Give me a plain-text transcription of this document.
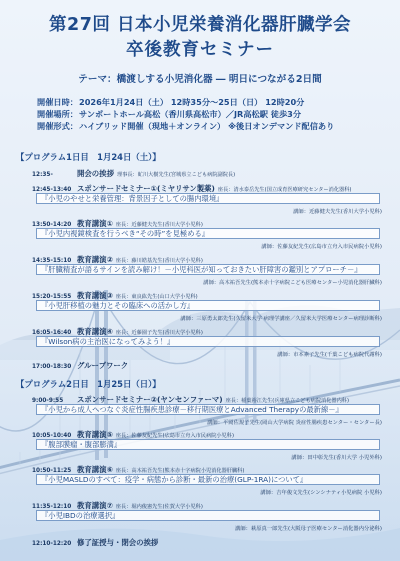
第27回 日本小児栄養消化器肝臓学会
卒後教育セミナー
テーマ：橋渡しする小児消化器 ― 明日につながる2日間
開催日時：2026年1月24日（土） 12時35分〜25日（日） 12時20分
開催場所：サンポートホール高松（香川県高松市）／JR高松駅 徒歩3分
開催形式：ハイブリッド開催（現地＋オンライン） ※後日オンデマンド配信あり
【プログラム1日目　1月24日（土）】
12:35-	開会の挨拶 理事長：虻川大樹先生(宮城県立こども病院副院長)
12:45-13:40 スポンサードセミナー①(ミヤリサン製薬) 座長：清水泰岳先生(国立成育医療研究センター消化器科)
『小児のやせと栄養管理：背景因子としての腸内環境』
講師：近藤健夫先生(香川大学小児科)
13:50-14:20 教育講演① 座長：近藤健夫先生(香川大学小児科)
『小児内視鏡検査を行うべき“その時”を見極める』
講師：佐藤友紀先生(広島市立舟入市民病院小児科)
14:35-15:10 教育講演② 座長：藤川皓基先生(香川大学小児科)
『肝臓精査が語るサインを読み解け！－小児科医が知っておきたい肝障害の鑑別とアプローチ－』
講師：高木祐吾先生(熊本赤十字病院こども医療センター小児消化器肝臓科)
15:20-15:55 教育講演③ 座長：東良紘先生(山口大学小児科)
『小児肝移植の魅力とその臨床への活かし方』
講師：三原勇太郎先生(久留米大学 病理学講座／久留米大学医療センター病理診断科)
16:05-16:40 教育講演④ 座長：近藤園子先生(香川大学小児科)
『Wilson病の主治医になってみよう！』
講師：市本素子先生(千葉こども病院代謝科)
17:00-18:30 グループワーク
【プログラム2日目　1月25日（日）】
9:00-9:55 スポンサードセミナー②(ヤンセンファーマ) 座長：稲葉裕江先生(兵庫県立こども病院消化器内科)
『小児から成人へつなぐ炎症性腸疾患診療－移行期医療とAdvanced Therapyの最新線－』
講師：平岡佐規子先生(岡山大学病院 炎症性腸疾患センター・センター長)
10:05-10:40 教育講演⑤ 座長：佐藤友紀先生(広島市立舟入市民病院小児科)
『腹部膜瘤・腹部膨満』
講師：田中彰先生(香川大学 小児外科)
10:50-11:25 教育講演⑥ 座長：高木祐吾先生(熊本赤十字病院小児消化器肝臓科)
『小児MASLDのすべて：疫学・病態から診断・最新の治療(GLP-1RA)について』
講師：吉年俊文先生(シンシナティ小児病院 小児科)
11:35-12:10 教育講演⑦ 座長：堀内俊憲先生(佐賀大学小児科)
『小児IBDの治療選択』
講師：萩原真一郎先生(大阪母子医療センター消化器内分泌科)
12:10-12:20 修了証授与・閉会の挨拶
